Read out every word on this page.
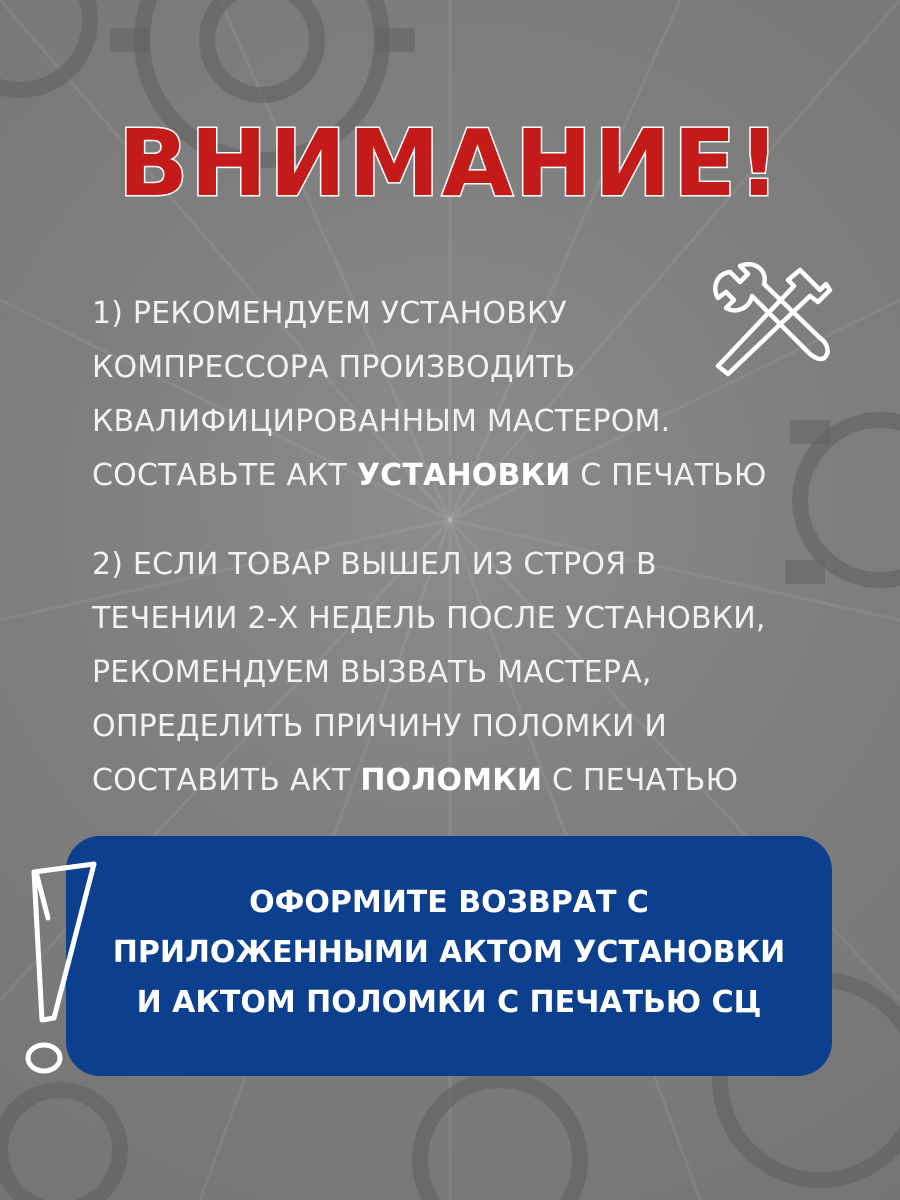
ВНИМАНИЕ!
1) РЕКОМЕНДУЕМ УСТАНОВКУ
КОМПРЕССОРА ПРОИЗВОДИТЬ
КВАЛИФИЦИРОВАННЫМ МАСТЕРОМ.
СОСТАВЬТЕ АКТ УСТАНОВКИ С ПЕЧАТЬЮ
2) ЕСЛИ ТОВАР ВЫШЕЛ ИЗ СТРОЯ В
ТЕЧЕНИИ 2-Х НЕДЕЛЬ ПОСЛЕ УСТАНОВКИ,
РЕКОМЕНДУЕМ ВЫЗВАТЬ МАСТЕРА,
ОПРЕДЕЛИТЬ ПРИЧИНУ ПОЛОМКИ И
СОСТАВИТЬ АКТ ПОЛОМКИ С ПЕЧАТЬЮ
ОФОРМИТЕ ВОЗВРАТ С
ПРИЛОЖЕННЫМИ АКТОМ УСТАНОВКИ
И АКТОМ ПОЛОМКИ С ПЕЧАТЬЮ СЦ
